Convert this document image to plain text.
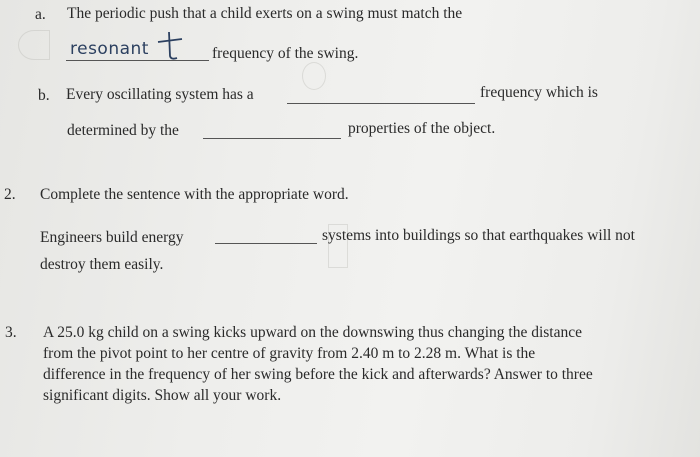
a. The periodic push that a child exerts on a swing must match the
resonant	frequency of the swing.
b. Every oscillating system has a	frequency which is
determined by the	properties of the object.
2. Complete the sentence with the appropriate word.
Engineers build energy	systems into buildings so that earthquakes will not
destroy them easily.
3. A 25.0 kg child on a swing kicks upward on the downswing thus changing the distance
from the pivot point to her centre of gravity from 2.40 m to 2.28 m. What is the
difference in the frequency of her swing before the kick and afterwards? Answer to three
significant digits. Show all your work.
